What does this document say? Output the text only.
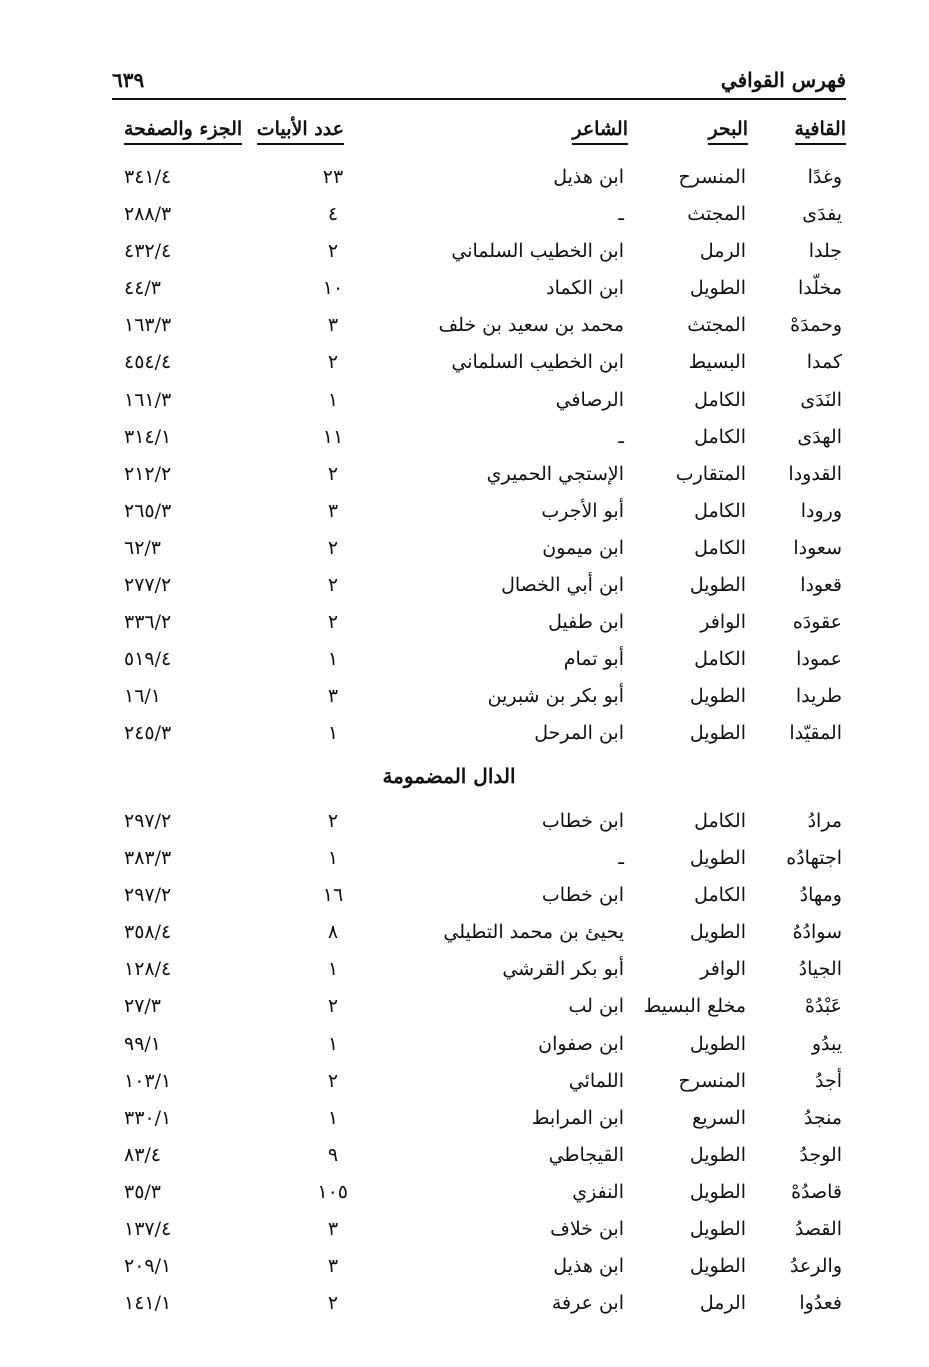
فهرس القوافي
٦٣٩
القافية
البحر
الشاعر
عدد الأبيات
الجزء والصفحة
وغدًا
المنسرح
ابن هذيل
٢٣
٣٤١/٤
يفدَى
المجتث
ـ
٤
٢٨٨/٣
جلدا
الرمل
ابن الخطيب السلماني
٢
٤٣٢/٤
مخلّدا
الطويل
ابن الكماد
١٠
٤٤/٣
وحمدَهْ
المجتث
محمد بن سعيد بن خلف
٣
١٦٣/٣
كمدا
البسيط
ابن الخطيب السلماني
٢
٤٥٤/٤
النَدَى
الكامل
الرصافي
١
١٦١/٣
الهدَى
الكامل
ـ
١١
٣١٤/١
القدودا
المتقارب
الإستجي الحميري
٢
٢١٢/٢
ورودا
الكامل
أبو الأجرب
٣
٢٦٥/٣
سعودا
الكامل
ابن ميمون
٢
٦٢/٣
قعودا
الطويل
ابن أبي الخصال
٢
٢٧٧/٢
عقودَه
الوافر
ابن طفيل
٢
٣٣٦/٢
عمودا
الكامل
أبو تمام
١
٥١٩/٤
طريدا
الطويل
أبو بكر بن شبرين
٣
١٦/١
المقيّدا
الطويل
ابن المرحل
١
٢٤٥/٣
الدال المضمومة
مرادُ
الكامل
ابن خطاب
٢
٢٩٧/٢
اجتهادُه
الطويل
ـ
١
٣٨٣/٣
ومهادُ
الكامل
ابن خطاب
١٦
٢٩٧/٢
سوادُهُ
الطويل
يحيئ بن محمد التطيلي
٨
٣٥٨/٤
الجيادُ
الوافر
أبو بكر القرشي
١
١٢٨/٤
عَبْدُهْ
مخلع البسيط
ابن لب
٢
٢٧/٣
يبدُو
الطويل
ابن صفوان
١
٩٩/١
أجدُ
المنسرح
اللمائي
٢
١٠٣/١
منجدُ
السريع
ابن المرابط
١
٣٣٠/١
الوجدُ
الطويل
القيجاطي
٩
٨٣/٤
قاصدُهْ
الطويل
النفزي
١٠٥
٣٥/٣
القصدُ
الطويل
ابن خلاف
٣
١٣٧/٤
والرعدُ
الطويل
ابن هذيل
٣
٢٠٩/١
فعدُوا
الرمل
ابن عرفة
٢
١٤١/١
